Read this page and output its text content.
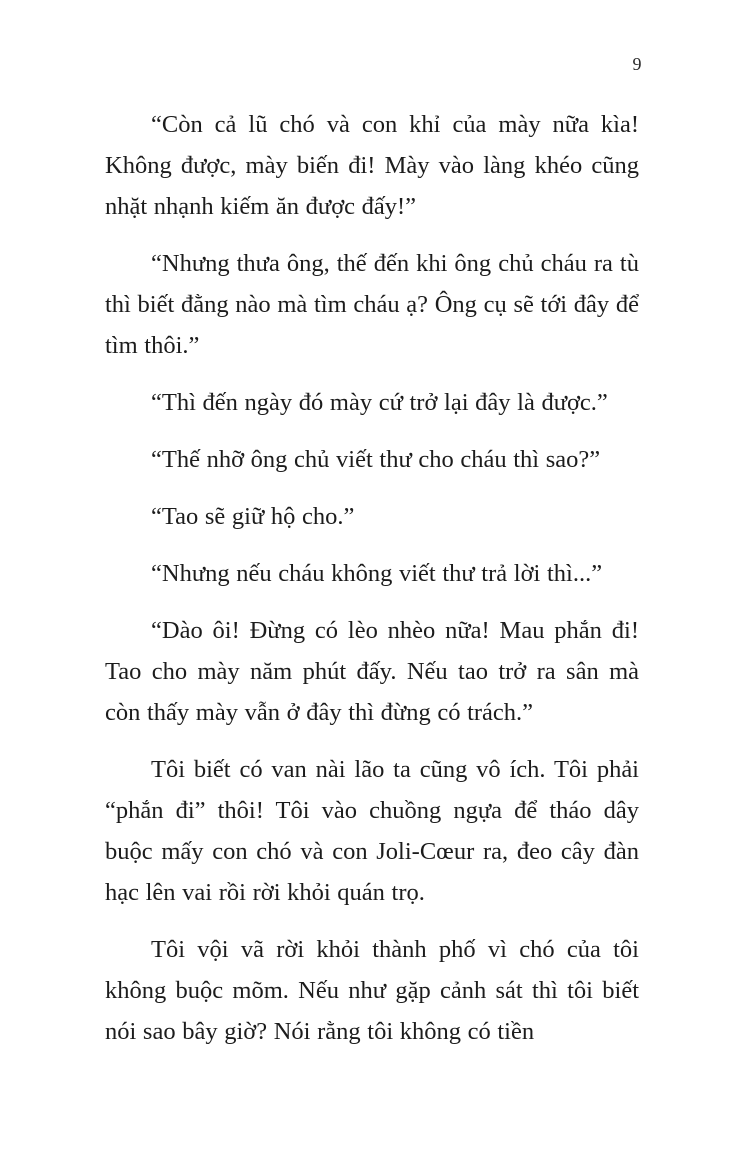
9

“Còn cả lũ chó và con khỉ của mày nữa kìa! Không được, mày biến đi! Mày vào làng khéo cũng nhặt nhạnh kiếm ăn được đấy!”

“Nhưng thưa ông, thế đến khi ông chủ cháu ra tù thì biết đằng nào mà tìm cháu ạ? Ông cụ sẽ tới đây để tìm thôi.”

“Thì đến ngày đó mày cứ trở lại đây là được.”

“Thế nhỡ ông chủ viết thư cho cháu thì sao?”

“Tao sẽ giữ hộ cho.”

“Nhưng nếu cháu không viết thư trả lời thì...”

“Dào ôi! Đừng có lèo nhèo nữa! Mau phắn đi! Tao cho mày năm phút đấy. Nếu tao trở ra sân mà còn thấy mày vẫn ở đây thì đừng có trách.”

Tôi biết có van nài lão ta cũng vô ích. Tôi phải “phắn đi” thôi! Tôi vào chuồng ngựa để tháo dây buộc mấy con chó và con Joli-Cœur ra, đeo cây đàn hạc lên vai rồi rời khỏi quán trọ.

Tôi vội vã rời khỏi thành phố vì chó của tôi không buộc mõm. Nếu như gặp cảnh sát thì tôi biết nói sao bây giờ? Nói rằng tôi không có tiền
